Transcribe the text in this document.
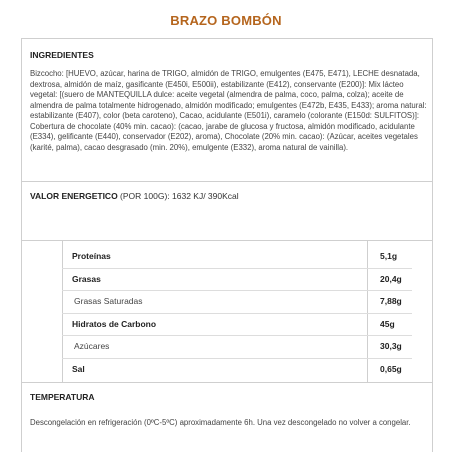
BRAZO BOMBÓN
INGREDIENTES

Bizcocho: [HUEVO, azúcar, harina de TRIGO, almidón de TRIGO, emulgentes (E475, E471), LECHE desnatada, dextrosa, almidón de maíz, gasificante (E450i, E500ii), estabilizante (E412), conservante (E200)]: Mix lácteo vegetal: [(suero de MANTEQUILLA dulce: aceite vegetal (almendra de palma, coco, palma, colza); aceite de almendra de palma totalmente hidrogenado, almidón modificado; emulgentes (E472b, E435, E433); aroma natural: estabilizante (E407), color (beta caroteno), Cacao, acidulante (E501i), caramelo (colorante (E150d: SULFITOS)]: Cobertura de chocolate (40% min. cacao): (cacao, jarabe de glucosa y fructosa, almidón modificado, acidulante (E334), gelificante (E440), conservador (E202), aroma), Chocolate (20% min. cacao): (Azúcar, aceites vegetales (karité, palma), cacao desgrasado (min. 20%), emulgente (E332), aroma natural de vainilla).

VALOR ENERGETICO (POR 100G): 1632 KJ/ 390Kcal
Proteínas	5,1g
Grasas	20,4g
Grasas Saturadas	7,88g
Hidratos de Carbono	45g
Azúcares	30,3g
Sal	0,65g
TEMPERATURA

Descongelación en refrigeración (0ºC-5ºC) aproximadamente 6h. Una vez descongelado no volver a congelar.
